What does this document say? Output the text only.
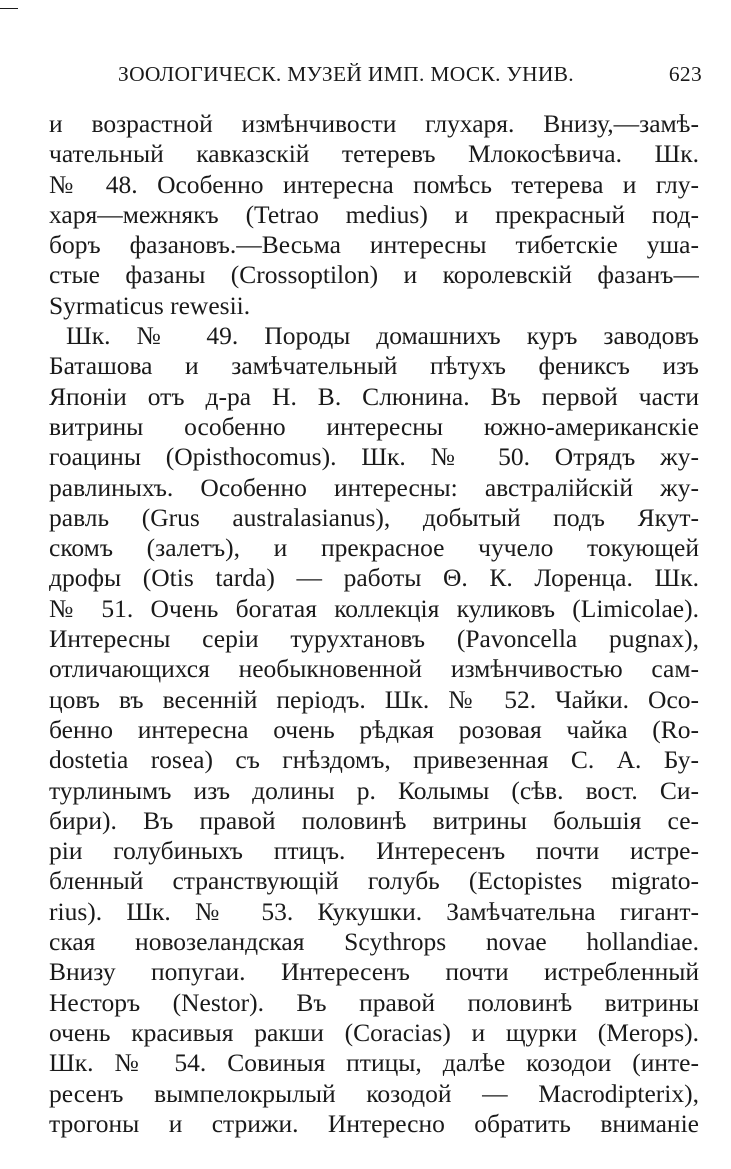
ЗООЛОГИЧЕСК. МУЗЕЙ ИМП. МОСК. УНИВ.	623
и возрастной измѣнчивости глухаря. Внизу,—замѣ-
чательный кавказскій тетеревъ Млокосѣвича. Шк.
№ 48. Особенно интересна помѣсь тетерева и глу-
харя—межнякъ (Tetrao medius) и прекрасный под-
боръ фазановъ.—Весьма интересны тибетскіе уша-
стые фазаны (Crossoptilon) и королевскій фазанъ—
Syrmaticus rewesii.
Шк. № 49. Породы домашнихъ куръ заводовъ
Баташова и замѣчательный пѣтухъ фениксъ изъ
Японіи отъ д-ра Н. В. Слюнина. Въ первой части
витрины особенно интересны южно-американскіе
гоацины (Opisthocomus). Шк. № 50. Отрядъ жу-
равлиныхъ. Особенно интересны: австралійскій жу-
равль (Grus australasianus), добытый подъ Якут-
скомъ (залетъ), и прекрасное чучело токующей
дрофы (Otis tarda) — работы Θ. К. Лоренца. Шк.
№ 51. Очень богатая коллекція куликовъ (Limicolae).
Интересны серіи турухтановъ (Pavoncella pugnax),
отличающихся необыкновенной измѣнчивостью сам-
цовъ въ весенній періодъ. Шк. № 52. Чайки. Осо-
бенно интересна очень рѣдкая розовая чайка (Ro-
dostetia rosea) съ гнѣздомъ, привезенная С. А. Бу-
турлинымъ изъ долины р. Колымы (сѣв. вост. Си-
бири). Въ правой половинѣ витрины большія се-
ріи голубиныхъ птицъ. Интересенъ почти истре-
бленный странствующій голубь (Ectopistes migrato-
rius). Шк. № 53. Кукушки. Замѣчательна гигант-
ская новозеландская Scythrops novae hollandiae.
Внизу попугаи. Интересенъ почти истребленный
Несторъ (Nestor). Въ правой половинѣ витрины
очень красивыя ракши (Coracias) и щурки (Merops).
Шк. № 54. Совиныя птицы, далѣе козодои (инте-
ресенъ вымпелокрылый козодой — Macrodipterix),
трогоны и стрижи. Интересно обратить вниманіе
